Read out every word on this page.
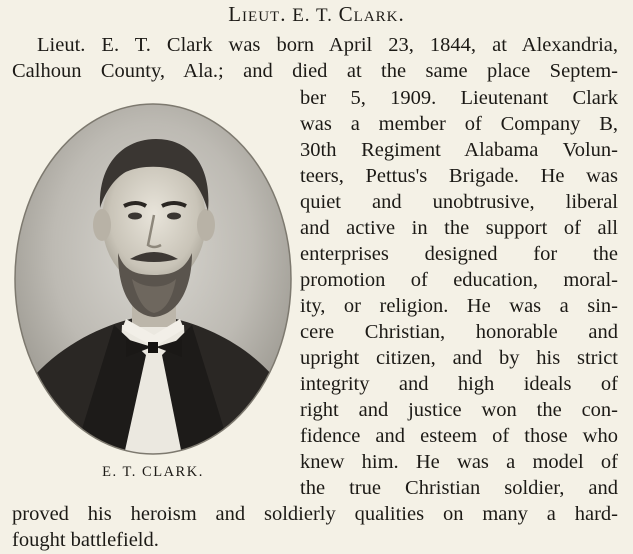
Lieut. E. T. Clark.
Lieut. E. T. Clark was born April 23, 1844, at Alexandria,
Calhoun County, Ala.; and died at the same place Septem-
ber 5, 1909. Lieutenant Clark
was a member of Company B,
30th Regiment Alabama Volun-
teers, Pettus's Brigade. He was
quiet and unobtrusive, liberal
and active in the support of all
enterprises designed for the
promotion of education, moral-
ity, or religion. He was a sin-
cere Christian, honorable and
upright citizen, and by his strict
integrity and high ideals of
right and justice won the con-
fidence and esteem of those who
knew him. He was a model of
the true Christian soldier, and
proved his heroism and soldierly qualities on many a hard-
fought battlefield.
E. T. CLARK.
